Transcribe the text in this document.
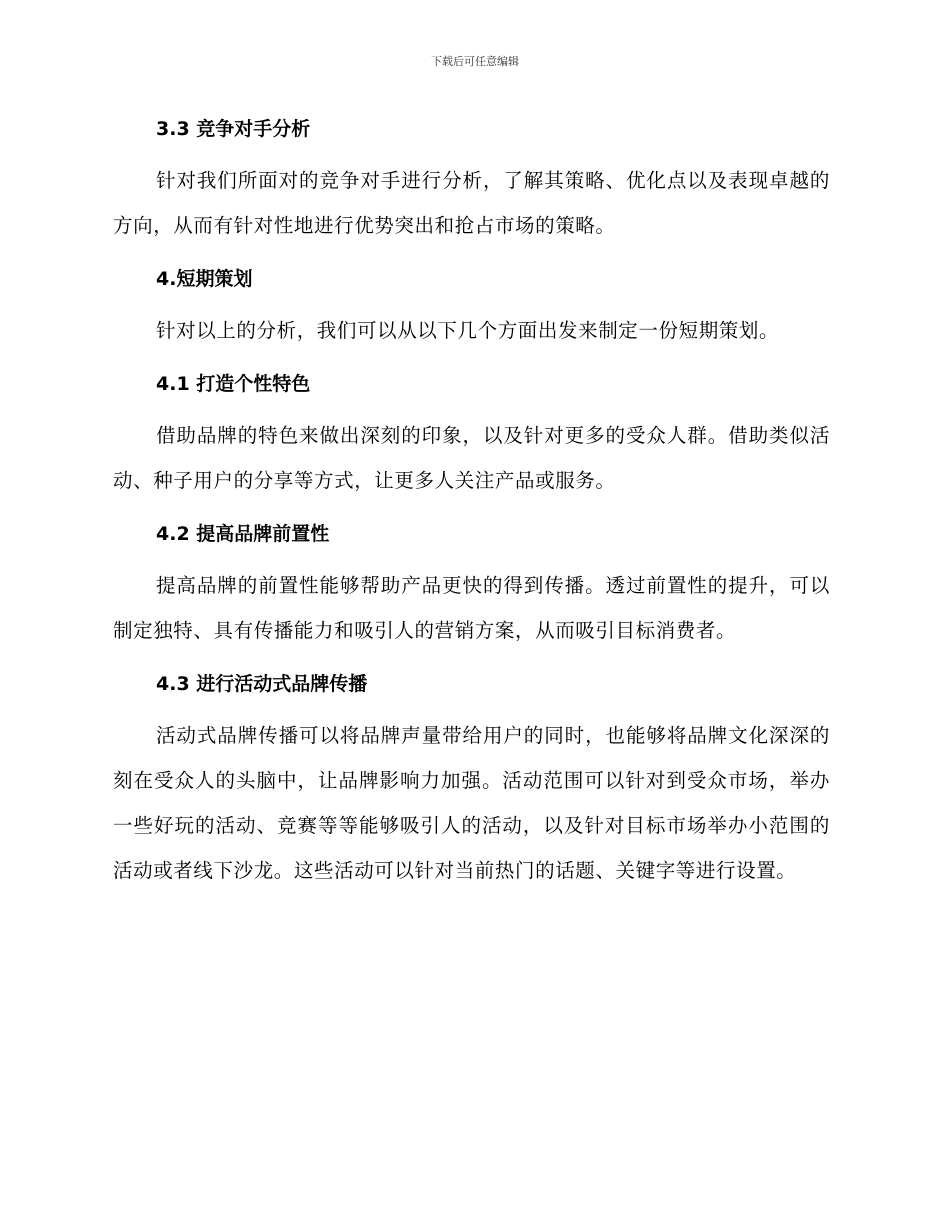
下载后可任意编辑
3.3 竞争对手分析

针对我们所面对的竞争对手进行分析，了解其策略、优化点以及表现卓越的方向，从而有针对性地进行优势突出和抢占市场的策略。

4.短期策划

针对以上的分析，我们可以从以下几个方面出发来制定一份短期策划。

4.1 打造个性特色

借助品牌的特色来做出深刻的印象，以及针对更多的受众人群。借助类似活动、种子用户的分享等方式，让更多人关注产品或服务。

4.2 提高品牌前置性

提高品牌的前置性能够帮助产品更快的得到传播。透过前置性的提升，可以制定独特、具有传播能力和吸引人的营销方案，从而吸引目标消费者。

4.3 进行活动式品牌传播

活动式品牌传播可以将品牌声量带给用户的同时，也能够将品牌文化深深的刻在受众人的头脑中，让品牌影响力加强。活动范围可以针对到受众市场，举办一些好玩的活动、竞赛等等能够吸引人的活动，以及针对目标市场举办小范围的活动或者线下沙龙。这些活动可以针对当前热门的话题、关键字等进行设置。
